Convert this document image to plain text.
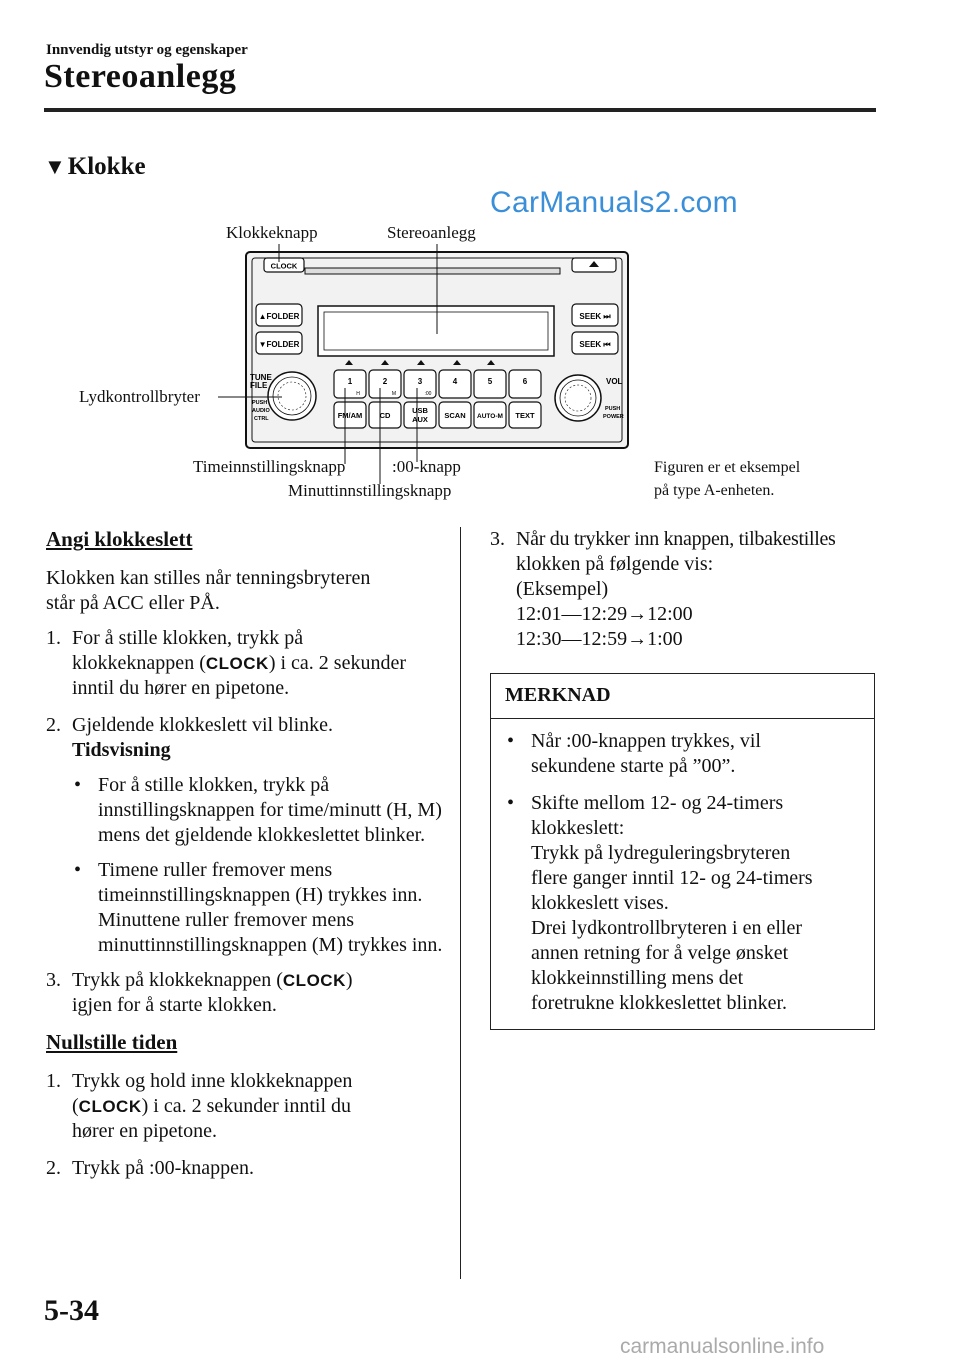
Innvendig utstyr og egenskaper
Stereoanlegg
▼Klokke
CarManuals2.com
CLOCK
▲FOLDER
▼FOLDER
SEEK ⏭
SEEK ⏮
TUNE
FILE
PUSH
AUDIO
CTRL
1	2	3	4	5	6
H	M	:00
FM/AM CD
USB
AUX SCAN AUTO-M TEXT
VOL
PUSH
POWER
Klokkeknapp	Stereoanlegg
Lydkontrollbryter
Timeinnstillingsknapp	:00-knapp
Minuttinnstillingsknapp
Figuren er et eksempel
på type A-enheten.
Angi klokkeslett
Klokken kan stilles når tenningsbryteren
står på ACC eller PÅ.
1. For å stille klokken, trykk på
klokkeknappen (CLOCK) i ca. 2 sekunder
inntil du hører en pipetone.
2. Gjeldende klokkeslett vil blinke.
Tidsvisning
• For å stille klokken, trykk på innstillingsknappen for time/minutt (H, M) mens det gjeldende klokkeslettet blinker.
• Timene ruller fremover mens timeinnstillingsknappen (H) trykkes inn. Minuttene ruller fremover mens minuttinnstillingsknappen (M) trykkes inn.
3. Trykk på klokkeknappen (CLOCK)
igjen for å starte klokken.
Nullstille tiden
1. Trykk og hold inne klokkeknappen
(CLOCK) i ca. 2 sekunder inntil du
hører en pipetone.
2. Trykk på :00-knappen.
3. Når du trykker inn knappen, tilbakestilles
klokken på følgende vis:
(Eksempel)
12:01—12:29→12:00
12:30—12:59→1:00
MERKNAD
• Når :00-knappen trykkes, vil
sekundene starte på ”00”.
• Skifte mellom 12- og 24-timers
klokkeslett:
Trykk på lydreguleringsbryteren
flere ganger inntil 12- og 24-timers
klokkeslett vises.
Drei lydkontrollbryteren i en eller
annen retning for å velge ønsket
klokkeinnstilling mens det
foretrukne klokkeslettet blinker.
5-34
carmanualsonline.info
